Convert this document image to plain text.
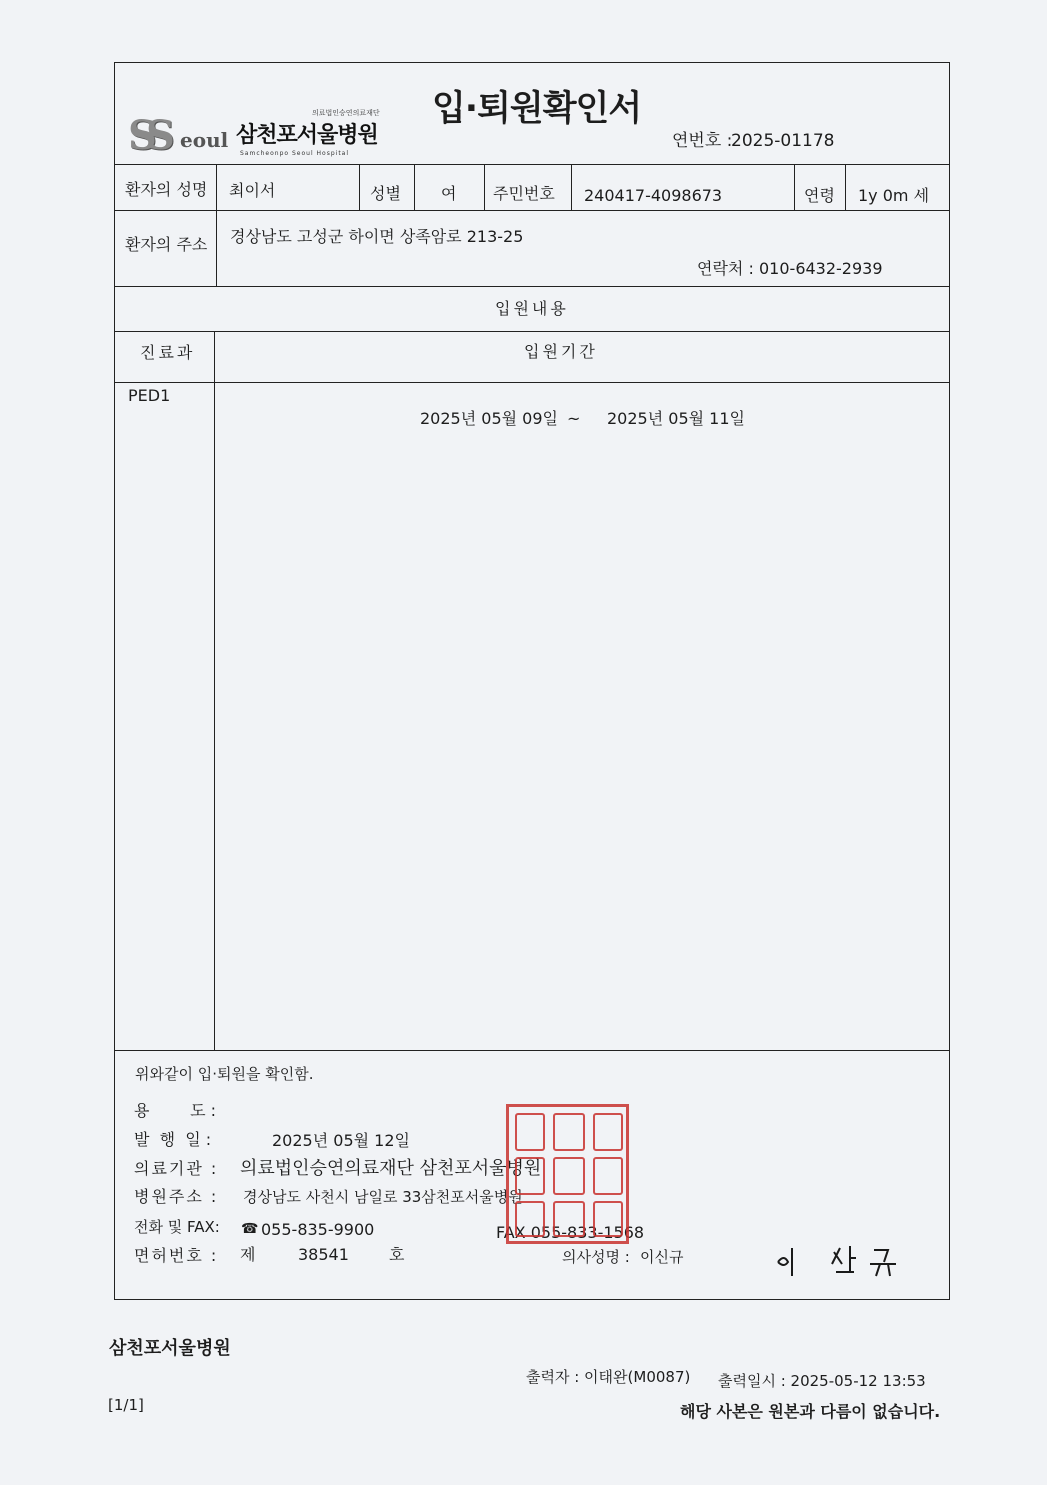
SS eoul
의료법인승연의료재단
삼천포서울병원
Samcheonpo Seoul Hospital
입·퇴원확인서
연번호 :
2025-01178
환자의 성명 최이서	성별	여 주민번호 240417-4098673	연령 1y 0m 세
환자의 주소 경상남도 고성군 하이면 상족암로 213-25
연락처 : 010-6432-2939
입원내용
진료과	입원기간
PED1
2025년 05월 09일 ~ 2025년 05월 11일
위와같이 입·퇴원을 확인함.
용        도 :
발  행  일 :	2025년 05월 12일
의료기관 : 의료법인승연의료재단 삼천포서울병원
병원주소 : 경상남도 사천시 남일로 33삼천포서울병원
전화 및 FAX: ☎ 055-835-9900	FAX 055-833-1568
면허번호 : 제	38541	호	의사성명 : 이신규
삼천포서울병원
출력자 : 이태완(M0087) 출력일시 : 2025-05-12 13:53
[1/1]	해당 사본은 원본과 다름이 없습니다.
